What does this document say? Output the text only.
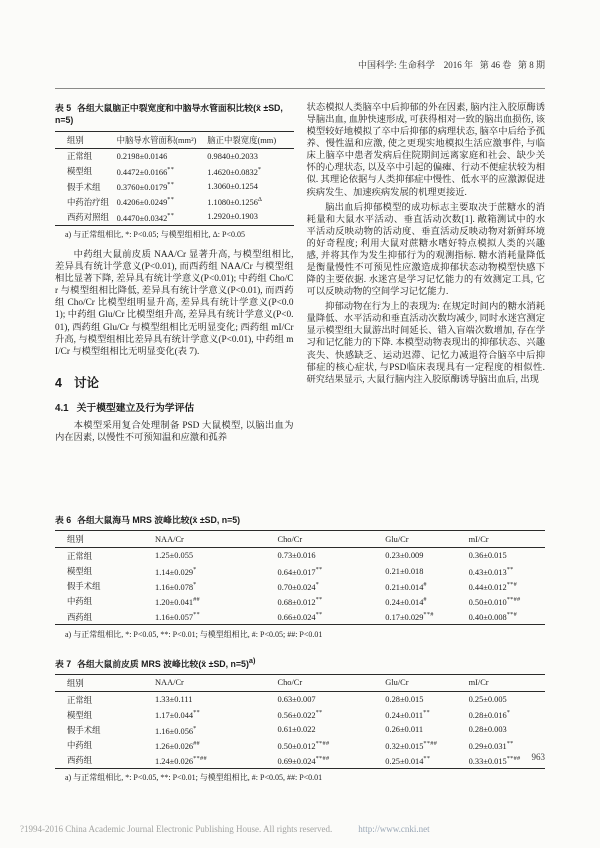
中国科学: 生命科学    2016 年   第 46 卷   第 8 期

表 5 各组大鼠脑正中裂宽度和中脑导水管面积比较(x̄ ±SD, n=5)
组别	中脑导水管面积(mm²)	脑正中裂宽度(mm)
正常组	0.2198±0.0146	0.9840±0.2033
模型组	0.4472±0.0166**	1.4620±0.0832*
假手术组	0.3760±0.0179**	1.3060±0.1254
中药治疗组	0.4206±0.0249**	$1.1080\pm 0.1256^\Delta$
西药对照组	0.4470±0.0342**	1.2920±0.1903
a) 与正常组相比, *: P<0.05; 与模型组相比, Δ: P<0.05

中药组大鼠前皮质 NAA/Cr 显著升高, 与模型组相比, 差异具有统计学意义(P<0.01), 而西药组 NAA/Cr 与模型组相比显著下降, 差异具有统计学意义(P<0.01); 中药组 Cho/Cr 与模型组相比降低, 差异具有统计学意义(P<0.01), 而西药组 Cho/Cr 比模型组明显升高, 差异具有统计学意义(P<0.01); 中药组 Glu/Cr 比模型组升高, 差异具有统计学意义(P<0.01), 西药组 Glu/Cr 与模型组相比无明显变化; 西药组 mI/Cr 升高, 与模型组相比差异具有统计学意义(P<0.01), 中药组 mI/Cr 与模型组相比无明显变化(表 7).

4 讨论
4.1 关于模型建立及行为学评估

本模型采用复合处理制备 PSD 大鼠模型, 以脑出血为内在因素, 以慢性不可预知温和应激和孤养

状态模拟人类脑卒中后抑郁的外在因素, 脑内注入胶原酶诱导脑出血, 血肿快速形成, 可获得相对一致的脑出血损伤, 该模型较好地模拟了卒中后抑郁的病理状态, 脑卒中后给予孤养、慢性温和应激, 使之更现实地模拟生活应激事件, 与临床上脑卒中患者发病后住院期间远离家庭和社会、缺少关怀的心理状态, 以及卒中引起的偏瘫、行动不便症状较为相似. 其理论依据与人类抑郁症中慢性、低水平的应激源促进疾病发生、加速疾病发展的机理更接近.

脑出血后抑郁模型的成功标志主要取决于蔗糖水的消耗量和大鼠水平活动、垂直活动次数[1]. 敞箱测试中的水平活动反映动物的活动度、垂直活动反映动物对新鲜环境的好奇程度; 利用大鼠对蔗糖水嗜好特点模拟人类的兴趣感, 并将其作为发生抑郁行为的观测指标. 糖水消耗量降低是衡量慢性不可预见性应激造成抑郁状态动物模型快感下降的主要依据. 水迷宫是学习记忆能力的有效测定工具, 它可以反映动物的空间学习记忆能力.

抑郁动物在行为上的表现为: 在规定时间内的糖水消耗量降低、水平活动和垂直活动次数均减少, 同时水迷宫测定显示模型组大鼠游出时间延长、错入盲端次数增加, 存在学习和记忆能力的下降. 本模型动物表现出的抑郁状态、兴趣丧失、快感缺乏、运动迟滞、记忆力减退符合脑卒中后抑郁症的核心症状, 与PSD临床表现具有一定程度的相似性. 研究结果显示, 大鼠行脑内注入胶原酶诱导脑出血后, 出现

表 6 各组大鼠海马 MRS 波峰比较(x̄ ±SD, n=5)
组别	NAA/Cr	Cho/Cr	Glu/Cr	mI/Cr
正常组	1.25±0.055	0.73±0.016	0.23±0.009	0.36±0.015
模型组	1.14±0.029*	0.64±0.017**	0.21±0.018	0.43±0.013**
假手术组	1.16±0.078*	0.70±0.024*	0.21±0.014#	0.44±0.012**#
中药组	1.20±0.041##	0.68±0.012**	0.24±0.014#	0.50±0.010**##
西药组	1.16±0.057**	0.66±0.024**	0.17±0.029**#	0.40±0.008**#
a) 与正常组相比, *: P<0.05, **: P<0.01; 与模型组相比, #: P<0.05; ##: P<0.01
表 7 各组大鼠前皮质 MRS 波峰比较(x̄ ±SD, n=5)$^{a)}$
组别	NAA/Cr	Cho/Cr	Glu/Cr	mI/Cr
正常组	1.33±0.111	0.63±0.007	0.28±0.015	0.25±0.005
模型组	1.17±0.044**	0.56±0.022**	0.24±0.011**	0.28±0.016*
假手术组	1.16±0.056*	0.61±0.022	0.26±0.011	0.28±0.003
中药组	1.26±0.026##	0.50±0.012**##	0.32±0.015**##	0.29±0.031**
西药组	1.24±0.026**##	0.69±0.024**##	0.25±0.014**	0.33±0.015**##
a) 与正常组相比, *: P<0.05, **: P<0.01; 与模型组相比, #: P<0.05, ##: P<0.01
963
?1994-2016 China Academic Journal Electronic Publishing House. All rights reserved.	http://www.cnki.net
